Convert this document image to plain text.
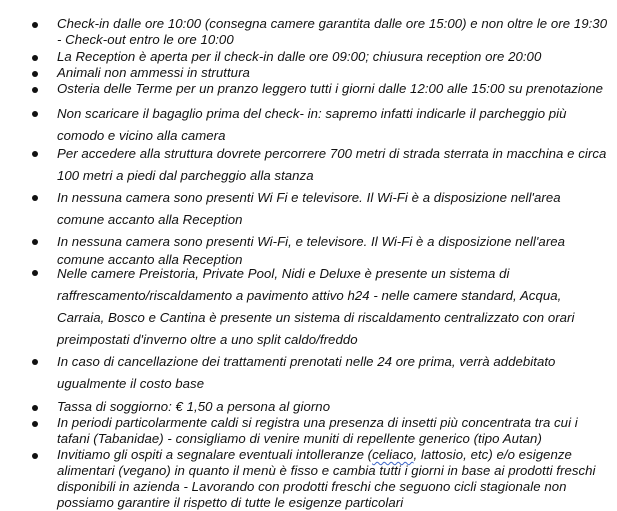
Check-in dalle ore 10:00 (consegna camere garantita dalle ore 15:00) e non oltre le ore 19:30
- Check-out entro le ore 10:00
La Reception è aperta per il check-in dalle ore 09:00; chiusura reception ore 20:00
Animali non ammessi in struttura
Osteria delle Terme per un pranzo leggero tutti i giorni dalle 12:00 alle 15:00 su prenotazione
Non scaricare il bagaglio prima del check- in: sapremo infatti indicarle il parcheggio più
comodo e vicino alla camera
Per accedere alla struttura dovrete percorrere 700 metri di strada sterrata in macchina e circa
100 metri a piedi dal parcheggio alla stanza
In nessuna camera sono presenti Wi Fi e televisore. Il Wi-Fi è a disposizione nell'area
comune accanto alla Reception
In nessuna camera sono presenti Wi-Fi, e televisore. Il Wi-Fi è a disposizione nell'area
comune accanto alla Reception
Nelle camere Preistoria, Private Pool, Nidi e Deluxe è presente un sistema di
raffrescamento/riscaldamento a pavimento attivo h24 - nelle camere standard, Acqua,
Carraia, Bosco e Cantina è presente un sistema di riscaldamento centralizzato con orari
preimpostati d'inverno oltre a uno split caldo/freddo
In caso di cancellazione dei trattamenti prenotati nelle 24 ore prima, verrà addebitato
ugualmente il costo base
Tassa di soggiorno: € 1,50 a persona al giorno
In periodi particolarmente caldi si registra una presenza di insetti più concentrata tra cui i
tafani (Tabanidae) - consigliamo di venire muniti di repellente generico (tipo Autan)
Invitiamo gli ospiti a segnalare eventuali intolleranze (celiaco, lattosio, etc) e/o esigenze
alimentari (vegano) in quanto il menù è fisso e cambia tutti i giorni in base ai prodotti freschi
disponibili in azienda - Lavorando con prodotti freschi che seguono cicli stagionale non
possiamo garantire il rispetto di tutte le esigenze particolari
